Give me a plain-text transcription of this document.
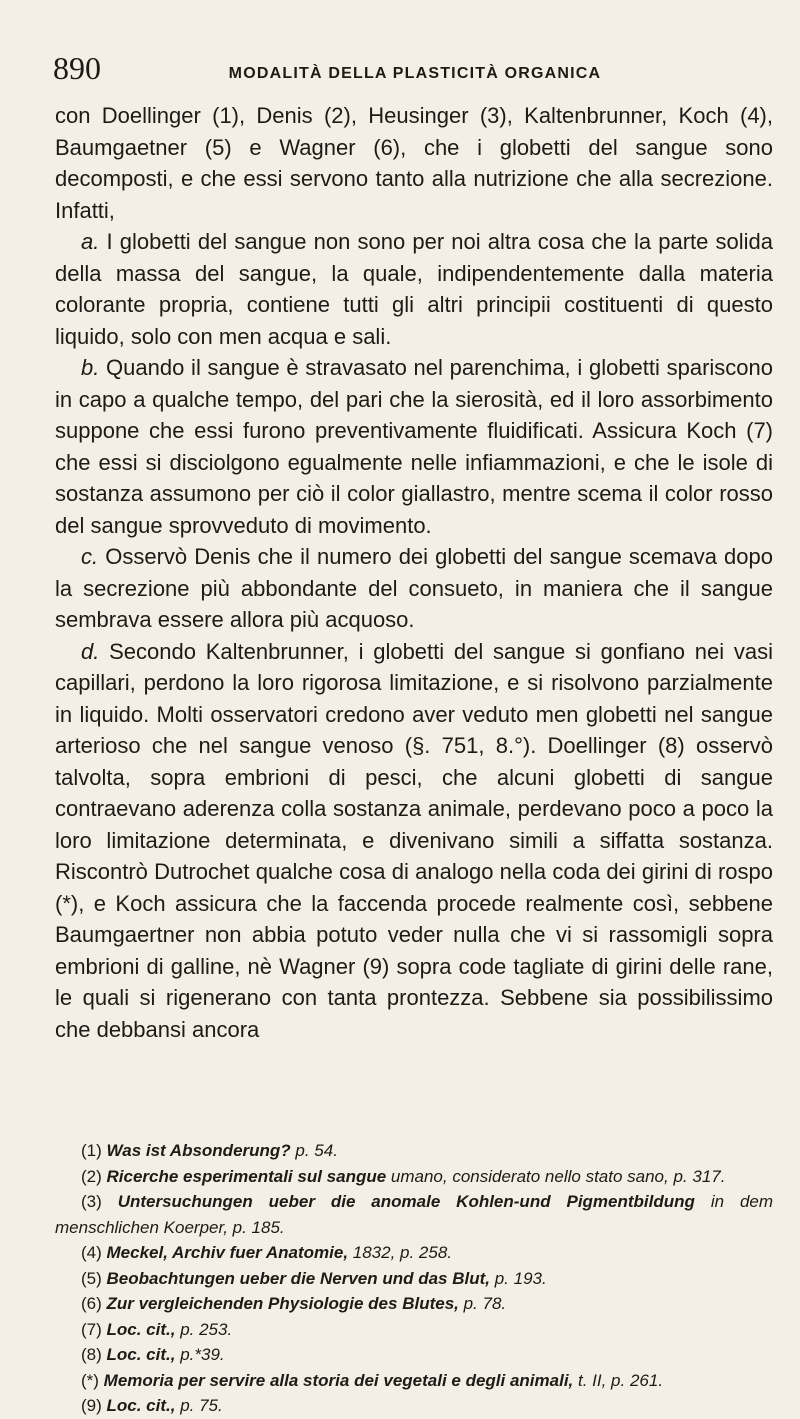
890	MODALITÀ DELLA PLASTICITÀ ORGANICA

con Doellinger (1), Denis (2), Heusinger (3), Kaltenbrunner, Koch (4), Baumgaetner (5) e Wagner (6), che i globetti del sangue sono decomposti, e che essi servono tanto alla nutrizione che alla secrezione. Infatti,

a. I globetti del sangue non sono per noi altra cosa che la parte solida della massa del sangue, la quale, indipendentemente dalla materia colorante propria, contiene tutti gli altri principii costituenti di questo liquido, solo con men acqua e sali.

b. Quando il sangue è stravasato nel parenchima, i globetti spariscono in capo a qualche tempo, del pari che la sierosità, ed il loro assorbimento suppone che essi furono preventivamente fluidificati. Assicura Koch (7) che essi si disciolgono egualmente nelle infiammazioni, e che le isole di sostanza assumono per ciò il color giallastro, mentre scema il color rosso del sangue sprovveduto di movimento.

c. Osservò Denis che il numero dei globetti del sangue scemava dopo la secrezione più abbondante del consueto, in maniera che il sangue sembrava essere allora più acquoso.

d. Secondo Kaltenbrunner, i globetti del sangue si gonfiano nei vasi capillari, perdono la loro rigorosa limitazione, e si risolvono parzialmente in liquido. Molti osservatori credono aver veduto men globetti nel sangue arterioso che nel sangue venoso (§. 751, 8.°). Doellinger (8) osservò talvolta, sopra embrioni di pesci, che alcuni globetti di sangue contraevano aderenza colla sostanza animale, perdevano poco a poco la loro limitazione determinata, e divenivano simili a siffatta sostanza. Riscontrò Dutrochet qualche cosa di analogo nella coda dei girini di rospo (*), e Koch assicura che la faccenda procede realmente così, sebbene Baumgaertner non abbia potuto veder nulla che vi si rassomigli sopra embrioni di galline, nè Wagner (9) sopra code tagliate di girini delle rane, le quali si rigenerano con tanta prontezza. Sebbene sia possibilissimo che debbansi ancora

(1) Was ist Absonderung? p. 54.

(2) Ricerche esperimentali sul sangue umano, considerato nello stato sano, p. 317.

(3) Untersuchungen ueber die anomale Kohlen-und Pigmentbildung in dem menschlichen Koerper, p. 185.

(4) Meckel, Archiv fuer Anatomie, 1832, p. 258.

(5) Beobachtungen ueber die Nerven und das Blut, p. 193.

(6) Zur vergleichenden Physiologie des Blutes, p. 78.

(7) Loc. cit., p. 253.

(8) Loc. cit., p.*39.

(*) Memoria per servire alla storia dei vegetali e degli animali, t. II, p. 261.

(9) Loc. cit., p. 75.
